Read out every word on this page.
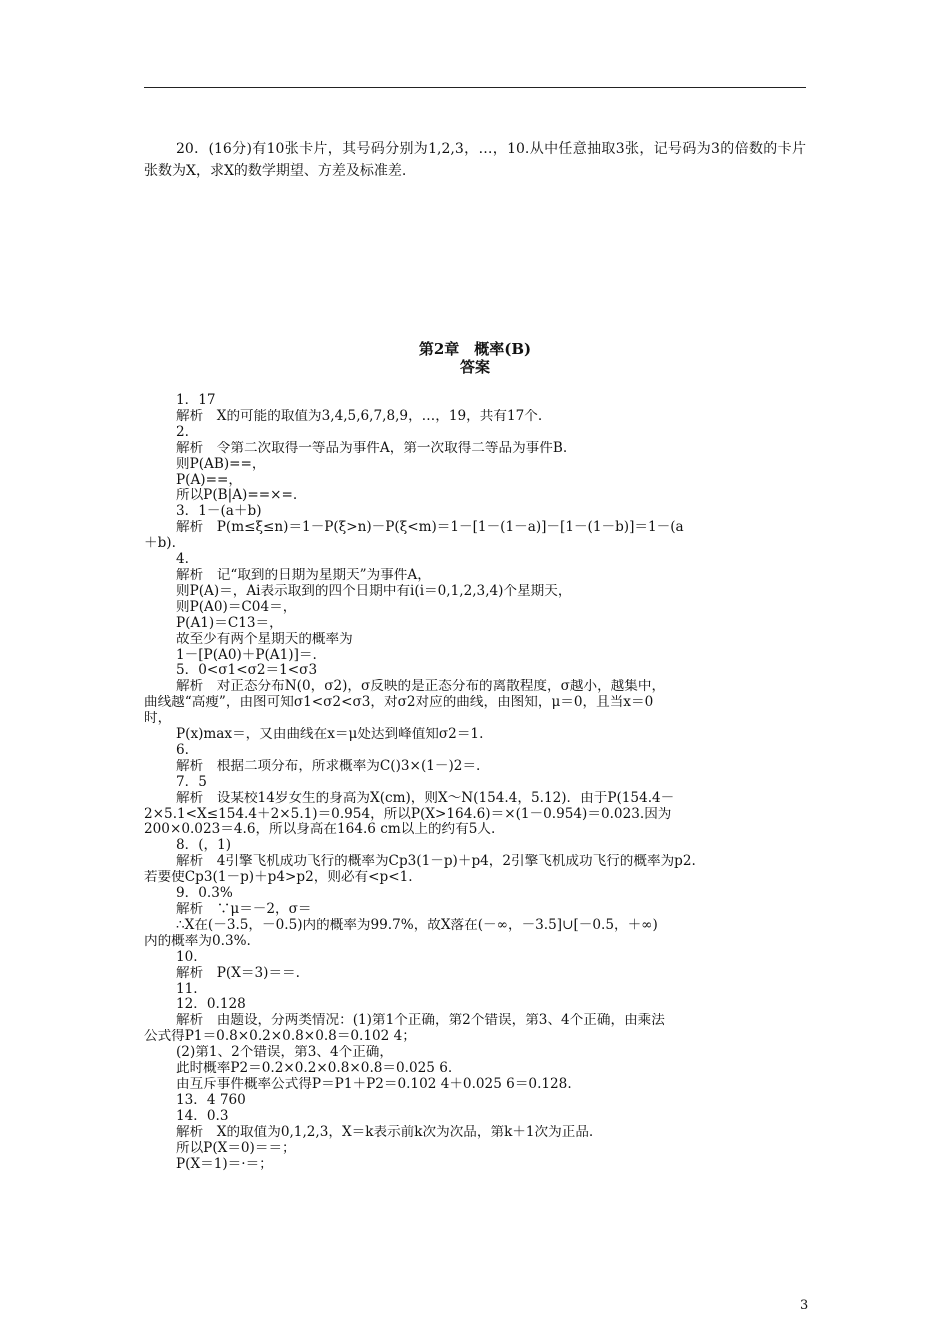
20．(16分)有10张卡片，其号码分别为1,2,3，…，10.从中任意抽取3张，记号码为3的倍数的卡片张数为X，求X的数学期望、方差及标准差.
第2章　概率(B)
答案
1．17
解析　X的可能的取值为3,4,5,6,7,8,9，…，19，共有17个.
2.
解析　令第二次取得一等品为事件A，第一次取得二等品为事件B.
则P(AB)==，
P(A)==，
所以P(B|A)==×=.
3．1－(a＋b)
解析　P(m≤ξ≤n)＝1－P(ξ>n)－P(ξ<m)＝1－[1－(1－a)]－[1－(1－b)]＝1－(a
＋b).
4.
解析　记“取到的日期为星期天”为事件A，
则P(A)＝，Ai表示取到的四个日期中有i(i＝0,1,2,3,4)个星期天，
则P(A0)＝C04＝，
P(A1)＝C13＝，
故至少有两个星期天的概率为
1－[P(A0)＋P(A1)]＝.
5．0<σ1<σ2＝1<σ3
解析　对正态分布N(0，σ2)，σ反映的是正态分布的离散程度，σ越小，越集中，
曲线越“高瘦”，由图可知σ1<σ2<σ3，对σ2对应的曲线，由图知，μ＝0，且当x＝0
时，
P(x)max＝，又由曲线在x＝μ处达到峰值知σ2＝1.
6.
解析　根据二项分布，所求概率为C()3×(1－)2＝.
7．5
解析　设某校14岁女生的身高为X(cm)，则X～N(154.4，5.12)．由于P(154.4－
2×5.1<X≤154.4＋2×5.1)＝0.954，所以P(X>164.6)＝×(1－0.954)＝0.023.因为
200×0.023＝4.6，所以身高在164.6 cm以上的约有5人.
8．(，1)
解析　4引擎飞机成功飞行的概率为Cp3(1－p)＋p4，2引擎飞机成功飞行的概率为p2.
若要使Cp3(1－p)＋p4>p2，则必有<p<1.
9．0.3%
解析　∵μ＝－2，σ＝
∴X在(－3.5，－0.5)内的概率为99.7%，故X落在(－∞，－3.5]∪[－0.5，＋∞)
内的概率为0.3%.
10.
解析　P(X＝3)＝＝.
11.
12．0.128
解析　由题设，分两类情况：(1)第1个正确，第2个错误，第3、4个正确，由乘法
公式得P1＝0.8×0.2×0.8×0.8＝0.102 4；
(2)第1、2个错误，第3、4个正确，
此时概率P2＝0.2×0.2×0.8×0.8＝0.025 6.
由互斥事件概率公式得P＝P1＋P2＝0.102 4＋0.025 6＝0.128.
13．4 760
14．0.3
解析　X的取值为0,1,2,3，X＝k表示前k次为次品，第k＋1次为正品.
所以P(X＝0)＝＝；
P(X＝1)＝·＝；
3
